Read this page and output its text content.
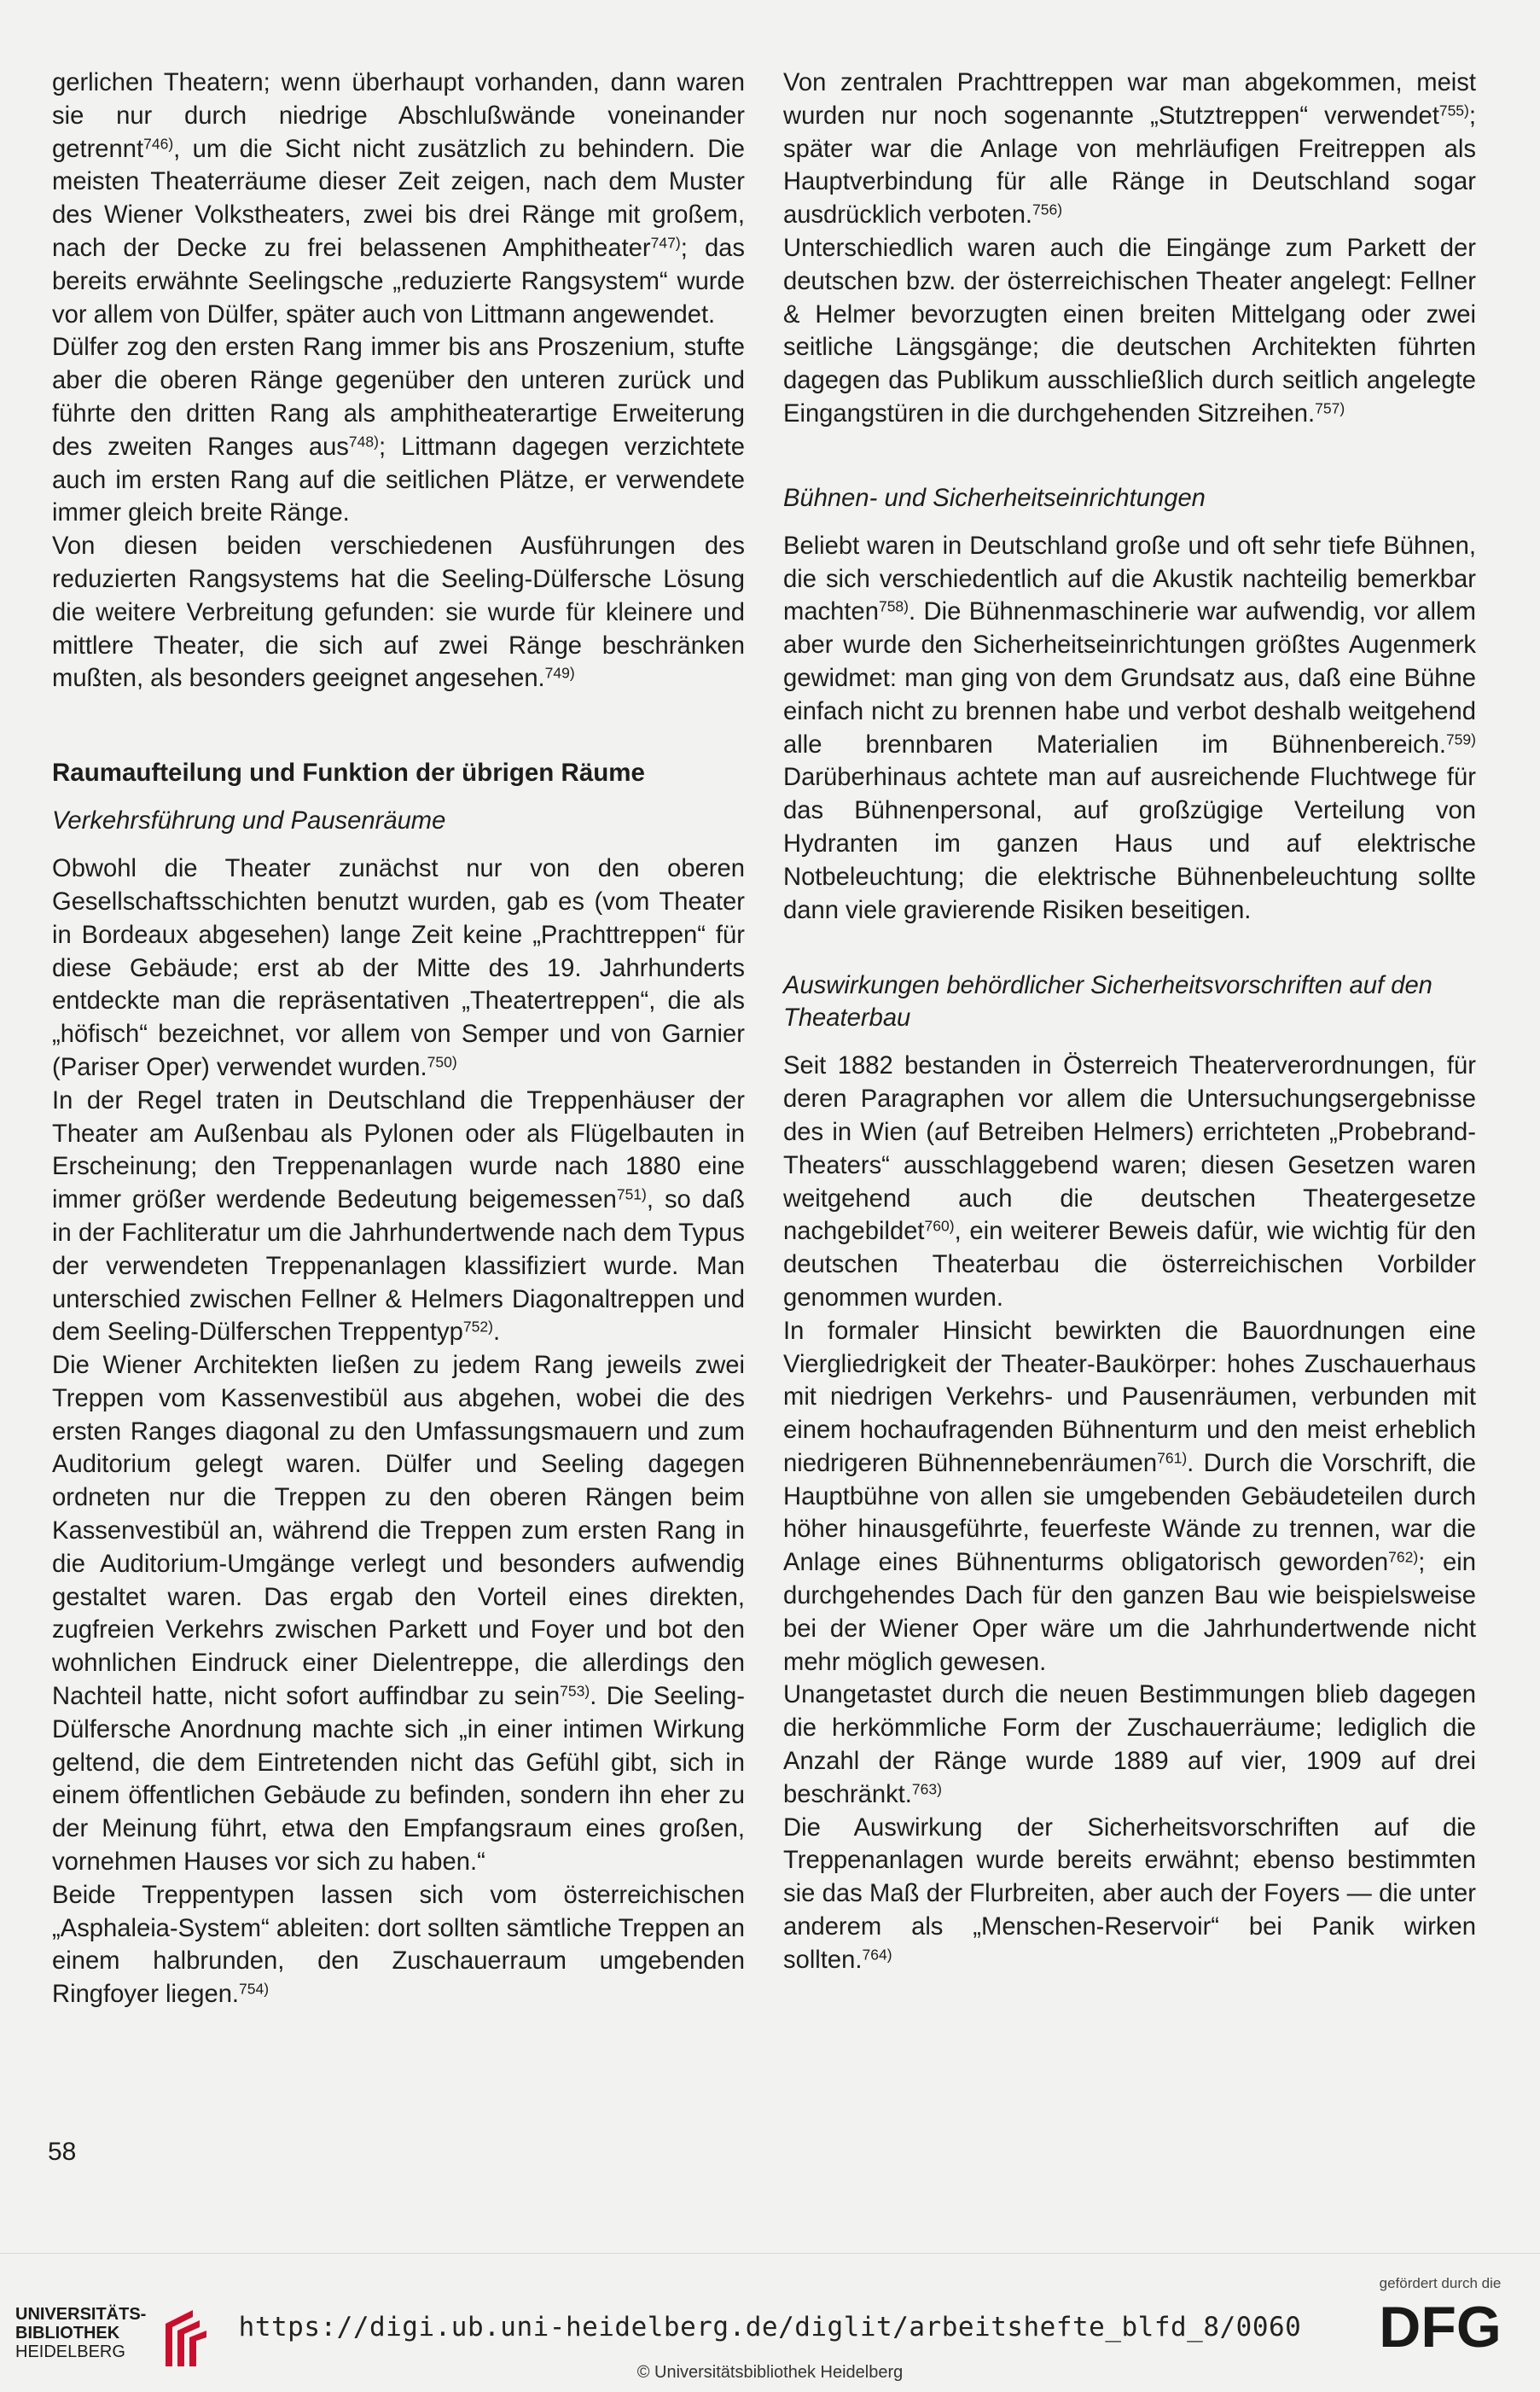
gerlichen Theatern; wenn überhaupt vorhanden, dann waren sie nur durch niedrige Abschlußwände voneinander getrennt$^{746)}$, um die Sicht nicht zusätzlich zu behindern. Die meisten Theaterräume dieser Zeit zeigen, nach dem Muster des Wiener Volkstheaters, zwei bis drei Ränge mit großem, nach der Decke zu frei belassenen Amphitheater$^{747)}$; das bereits erwähnte Seelingsche „reduzierte Rangsystem“ wurde vor allem von Dülfer, später auch von Littmann angewendet.

Dülfer zog den ersten Rang immer bis ans Proszenium, stufte aber die oberen Ränge gegenüber den unteren zurück und führte den dritten Rang als amphitheaterartige Erweiterung des zweiten Ranges aus$^{748)}$; Littmann dagegen verzichtete auch im ersten Rang auf die seitlichen Plätze, er verwendete immer gleich breite Ränge.

Von diesen beiden verschiedenen Ausführungen des reduzierten Rangsystems hat die Seeling-Dülfersche Lösung die weitere Verbreitung gefunden: sie wurde für kleinere und mittlere Theater, die sich auf zwei Ränge beschränken mußten, als besonders geeignet angesehen.$^{749)}$

Raumaufteilung und Funktion der übrigen Räume
Verkehrsführung und Pausenräume

Obwohl die Theater zunächst nur von den oberen Gesellschaftsschichten benutzt wurden, gab es (vom Theater in Bordeaux abgesehen) lange Zeit keine „Prachttreppen“ für diese Gebäude; erst ab der Mitte des 19. Jahrhunderts entdeckte man die repräsentativen „Theatertreppen“, die als „höfisch“ bezeichnet, vor allem von Semper und von Garnier (Pariser Oper) verwendet wurden.$^{750)}$

In der Regel traten in Deutschland die Treppenhäuser der Theater am Außenbau als Pylonen oder als Flügelbauten in Erscheinung; den Treppenanlagen wurde nach 1880 eine immer größer werdende Bedeutung beigemessen$^{751)}$, so daß in der Fachliteratur um die Jahrhundertwende nach dem Typus der verwendeten Treppenanlagen klassifiziert wurde. Man unterschied zwischen Fellner & Helmers Diagonaltreppen und dem Seeling-Dülferschen Treppentyp$^{752)}$.

Die Wiener Architekten ließen zu jedem Rang jeweils zwei Treppen vom Kassenvestibül aus abgehen, wobei die des ersten Ranges diagonal zu den Umfassungsmauern und zum Auditorium gelegt waren. Dülfer und Seeling dagegen ordneten nur die Treppen zu den oberen Rängen beim Kassenvestibül an, während die Treppen zum ersten Rang in die Auditorium-Umgänge verlegt und besonders aufwendig gestaltet waren. Das ergab den Vorteil eines direkten, zugfreien Verkehrs zwischen Parkett und Foyer und bot den wohnlichen Eindruck einer Dielentreppe, die allerdings den Nachteil hatte, nicht sofort auffindbar zu sein$^{753)}$. Die Seeling-Dülfersche Anordnung machte sich „in einer intimen Wirkung geltend, die dem Eintretenden nicht das Gefühl gibt, sich in einem öffentlichen Gebäude zu befinden, sondern ihn eher zu der Meinung führt, etwa den Empfangsraum eines großen, vornehmen Hauses vor sich zu haben.“

Beide Treppentypen lassen sich vom österreichischen „Asphaleia-System“ ableiten: dort sollten sämtliche Treppen an einem halbrunden, den Zuschauerraum umgebenden Ringfoyer liegen.$^{754)}$

Von zentralen Prachttreppen war man abgekommen, meist wurden nur noch sogenannte „Stutztreppen“ verwendet$^{755)}$; später war die Anlage von mehrläufigen Freitreppen als Hauptverbindung für alle Ränge in Deutschland sogar ausdrücklich verboten.$^{756)}$

Unterschiedlich waren auch die Eingänge zum Parkett der deutschen bzw. der österreichischen Theater angelegt: Fellner & Helmer bevorzugten einen breiten Mittelgang oder zwei seitliche Längsgänge; die deutschen Architekten führten dagegen das Publikum ausschließlich durch seitlich angelegte Eingangstüren in die durchgehenden Sitzreihen.$^{757)}$

Bühnen- und Sicherheitseinrichtungen

Beliebt waren in Deutschland große und oft sehr tiefe Bühnen, die sich verschiedentlich auf die Akustik nachteilig bemerkbar machten$^{758)}$. Die Bühnenmaschinerie war aufwendig, vor allem aber wurde den Sicherheitseinrichtungen größtes Augenmerk gewidmet: man ging von dem Grundsatz aus, daß eine Bühne einfach nicht zu brennen habe und verbot deshalb weitgehend alle brennbaren Materialien im Bühnenbereich.$^{759)}$ Darüberhinaus achtete man auf ausreichende Fluchtwege für das Bühnenpersonal, auf großzügige Verteilung von Hydranten im ganzen Haus und auf elektrische Notbeleuchtung; die elektrische Bühnenbeleuchtung sollte dann viele gravierende Risiken beseitigen.

Auswirkungen behördlicher Sicherheitsvorschriften auf den Theaterbau

Seit 1882 bestanden in Österreich Theaterverordnungen, für deren Paragraphen vor allem die Untersuchungsergebnisse des in Wien (auf Betreiben Helmers) errichteten „Probebrand-Theaters“ ausschlaggebend waren; diesen Gesetzen waren weitgehend auch die deutschen Theatergesetze nachgebildet$^{760)}$, ein weiterer Beweis dafür, wie wichtig für den deutschen Theaterbau die österreichischen Vorbilder genommen wurden.

In formaler Hinsicht bewirkten die Bauordnungen eine Viergliedrigkeit der Theater-Baukörper: hohes Zuschauerhaus mit niedrigen Verkehrs- und Pausenräumen, verbunden mit einem hochaufragenden Bühnenturm und den meist erheblich niedrigeren Bühnennebenräumen$^{761)}$. Durch die Vorschrift, die Hauptbühne von allen sie umgebenden Gebäudeteilen durch höher hinausgeführte, feuerfeste Wände zu trennen, war die Anlage eines Bühnenturms obligatorisch geworden$^{762)}$; ein durchgehendes Dach für den ganzen Bau wie beispielsweise bei der Wiener Oper wäre um die Jahrhundertwende nicht mehr möglich gewesen.

Unangetastet durch die neuen Bestimmungen blieb dagegen die herkömmliche Form der Zuschauerräume; lediglich die Anzahl der Ränge wurde 1889 auf vier, 1909 auf drei beschränkt.$^{763)}$

Die Auswirkung der Sicherheitsvorschriften auf die Treppenanlagen wurde bereits erwähnt; ebenso bestimmten sie das Maß der Flurbreiten, aber auch der Foyers — die unter anderem als „Menschen-Reservoir“ bei Panik wirken sollten.$^{764)}$

58
UNIVERSITÄTS-
BIBLIOTHEK
HEIDELBERG
https://digi.ub.uni-heidelberg.de/diglit/arbeitshefte_blfd_8/0060
© Universitätsbibliothek Heidelberg
gefördert durch die
DFG
